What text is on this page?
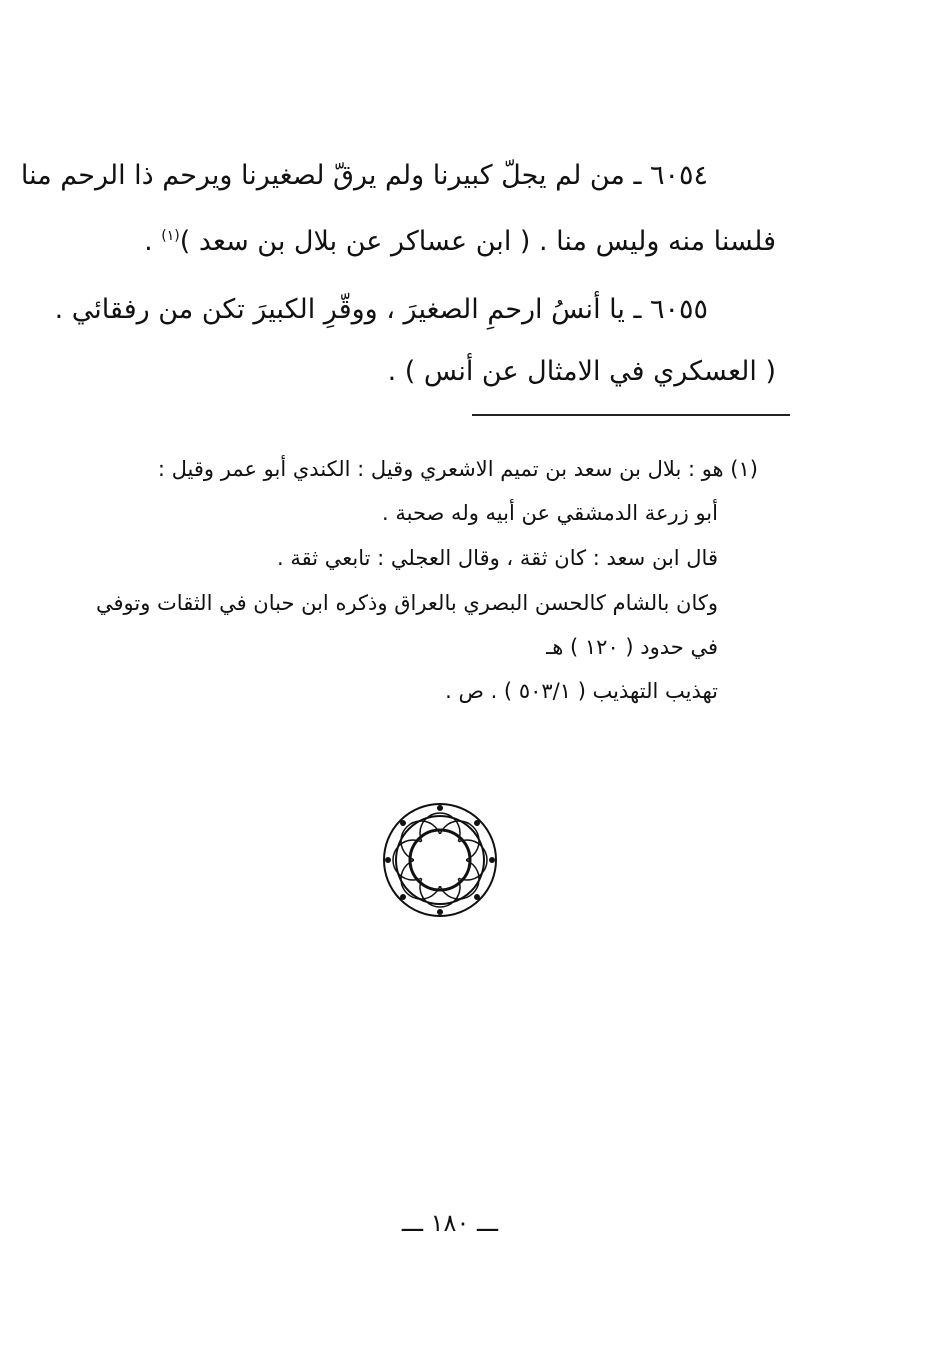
٦٠٥٤ ـ من لم يجلّ كبيرنا ولم يرقّ لصغيرنا ويرحم ذا الرحم منا
فلسنا منه وليس منا . ( ابن عساكر عن بلال بن سعد )$^{(١)}$ .
٦٠٥٥ ـ يا أنسُ ارحمِ الصغيرَ ، ووقّرِ الكبيرَ تكن من رفقائي .
( العسكري في الامثال عن أنس ) .
(١) هو : بلال بن سعد بن تميم الاشعري وقيل : الكندي أبو عمر وقيل :
أبو زرعة الدمشقي عن أبيه وله صحبة .
قال ابن سعد : كان ثقة ، وقال العجلي : تابعي ثقة .
وكان بالشام كالحسن البصري بالعراق وذكره ابن حبان في الثقات وتوفي
في حدود ( ١٢٠ ) هـ
تهذيب التهذيب ( ٥٠٣/١ ) . ص .
ـــ ١٨٠ ـــ
